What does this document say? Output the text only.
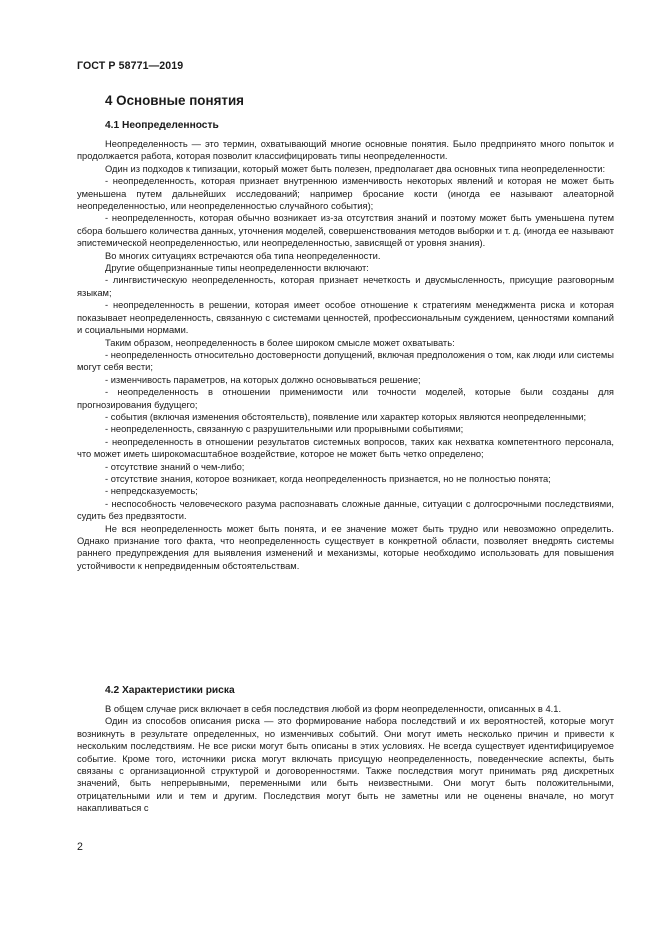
ГОСТ Р 58771—2019
4 Основные понятия
4.1 Неопределенность

Неопределенность — это термин, охватывающий многие основные понятия. Было предпринято много попыток и продолжается работа, которая позволит классифицировать типы неопределенности.

Один из подходов к типизации, который может быть полезен, предполагает два основных типа неопределенности:

- неопределенность, которая признает внутреннюю изменчивость некоторых явлений и которая не может быть уменьшена путем дальнейших исследований; например бросание кости (иногда ее называют алеаторной неопределенностью, или неопределенностью случайного события);

- неопределенность, которая обычно возникает из-за отсутствия знаний и поэтому может быть уменьшена путем сбора большего количества данных, уточнения моделей, совершенствования методов выборки и т. д. (иногда ее называют эпистемической неопределенностью, или неопределенностью, зависящей от уровня знания).

Во многих ситуациях встречаются оба типа неопределенности.

Другие общепризнанные типы неопределенности включают:

- лингвистическую неопределенность, которая признает нечеткость и двусмысленность, присущие разговорным языкам;

- неопределенность в решении, которая имеет особое отношение к стратегиям менеджмента риска и которая показывает неопределенность, связанную с системами ценностей, профессиональным суждением, ценностями компаний и социальными нормами.

Таким образом, неопределенность в более широком смысле может охватывать:

- неопределенность относительно достоверности допущений, включая предположения о том, как люди или системы могут себя вести;

- изменчивость параметров, на которых должно основываться решение;

- неопределенность в отношении применимости или точности моделей, которые были созданы для прогнозирования будущего;

- события (включая изменения обстоятельств), появление или характер которых являются неопределенными;

- неопределенность, связанную с разрушительными или прорывными событиями;

- неопределенность в отношении результатов системных вопросов, таких как нехватка компетентного персонала, что может иметь широкомасштабное воздействие, которое не может быть четко определено;

- отсутствие знаний о чем-либо;

- отсутствие знания, которое возникает, когда неопределенность признается, но не полностью понята;

- непредсказуемость;

- неспособность человеческого разума распознавать сложные данные, ситуации с долгосрочными последствиями, судить без предвзятости.

Не вся неопределенность может быть понята, и ее значение может быть трудно или невозможно определить. Однако признание того факта, что неопределенность существует в конкретной области, позволяет внедрять системы раннего предупреждения для выявления изменений и механизмы, которые необходимо использовать для повышения устойчивости к непредвиденным обстоятельствам.

4.2 Характеристики риска

В общем случае риск включает в себя последствия любой из форм неопределенности, описанных в 4.1.

Один из способов описания риска — это формирование набора последствий и их вероятностей, которые могут возникнуть в результате определенных, но изменчивых событий. Они могут иметь несколько причин и привести к нескольким последствиям. Не все риски могут быть описаны в этих условиях. Не всегда существует идентифицируемое событие. Кроме того, источники риска могут включать присущую неопределенность, поведенческие аспекты, быть связаны с организационной структурой и договоренностями. Также последствия могут принимать ряд дискретных значений, быть непрерывными, переменными или быть неизвестными. Они могут быть положительными, отрицательными или и тем и другим. Последствия могут быть не заметны или не оценены вначале, но могут накапливаться с

2
